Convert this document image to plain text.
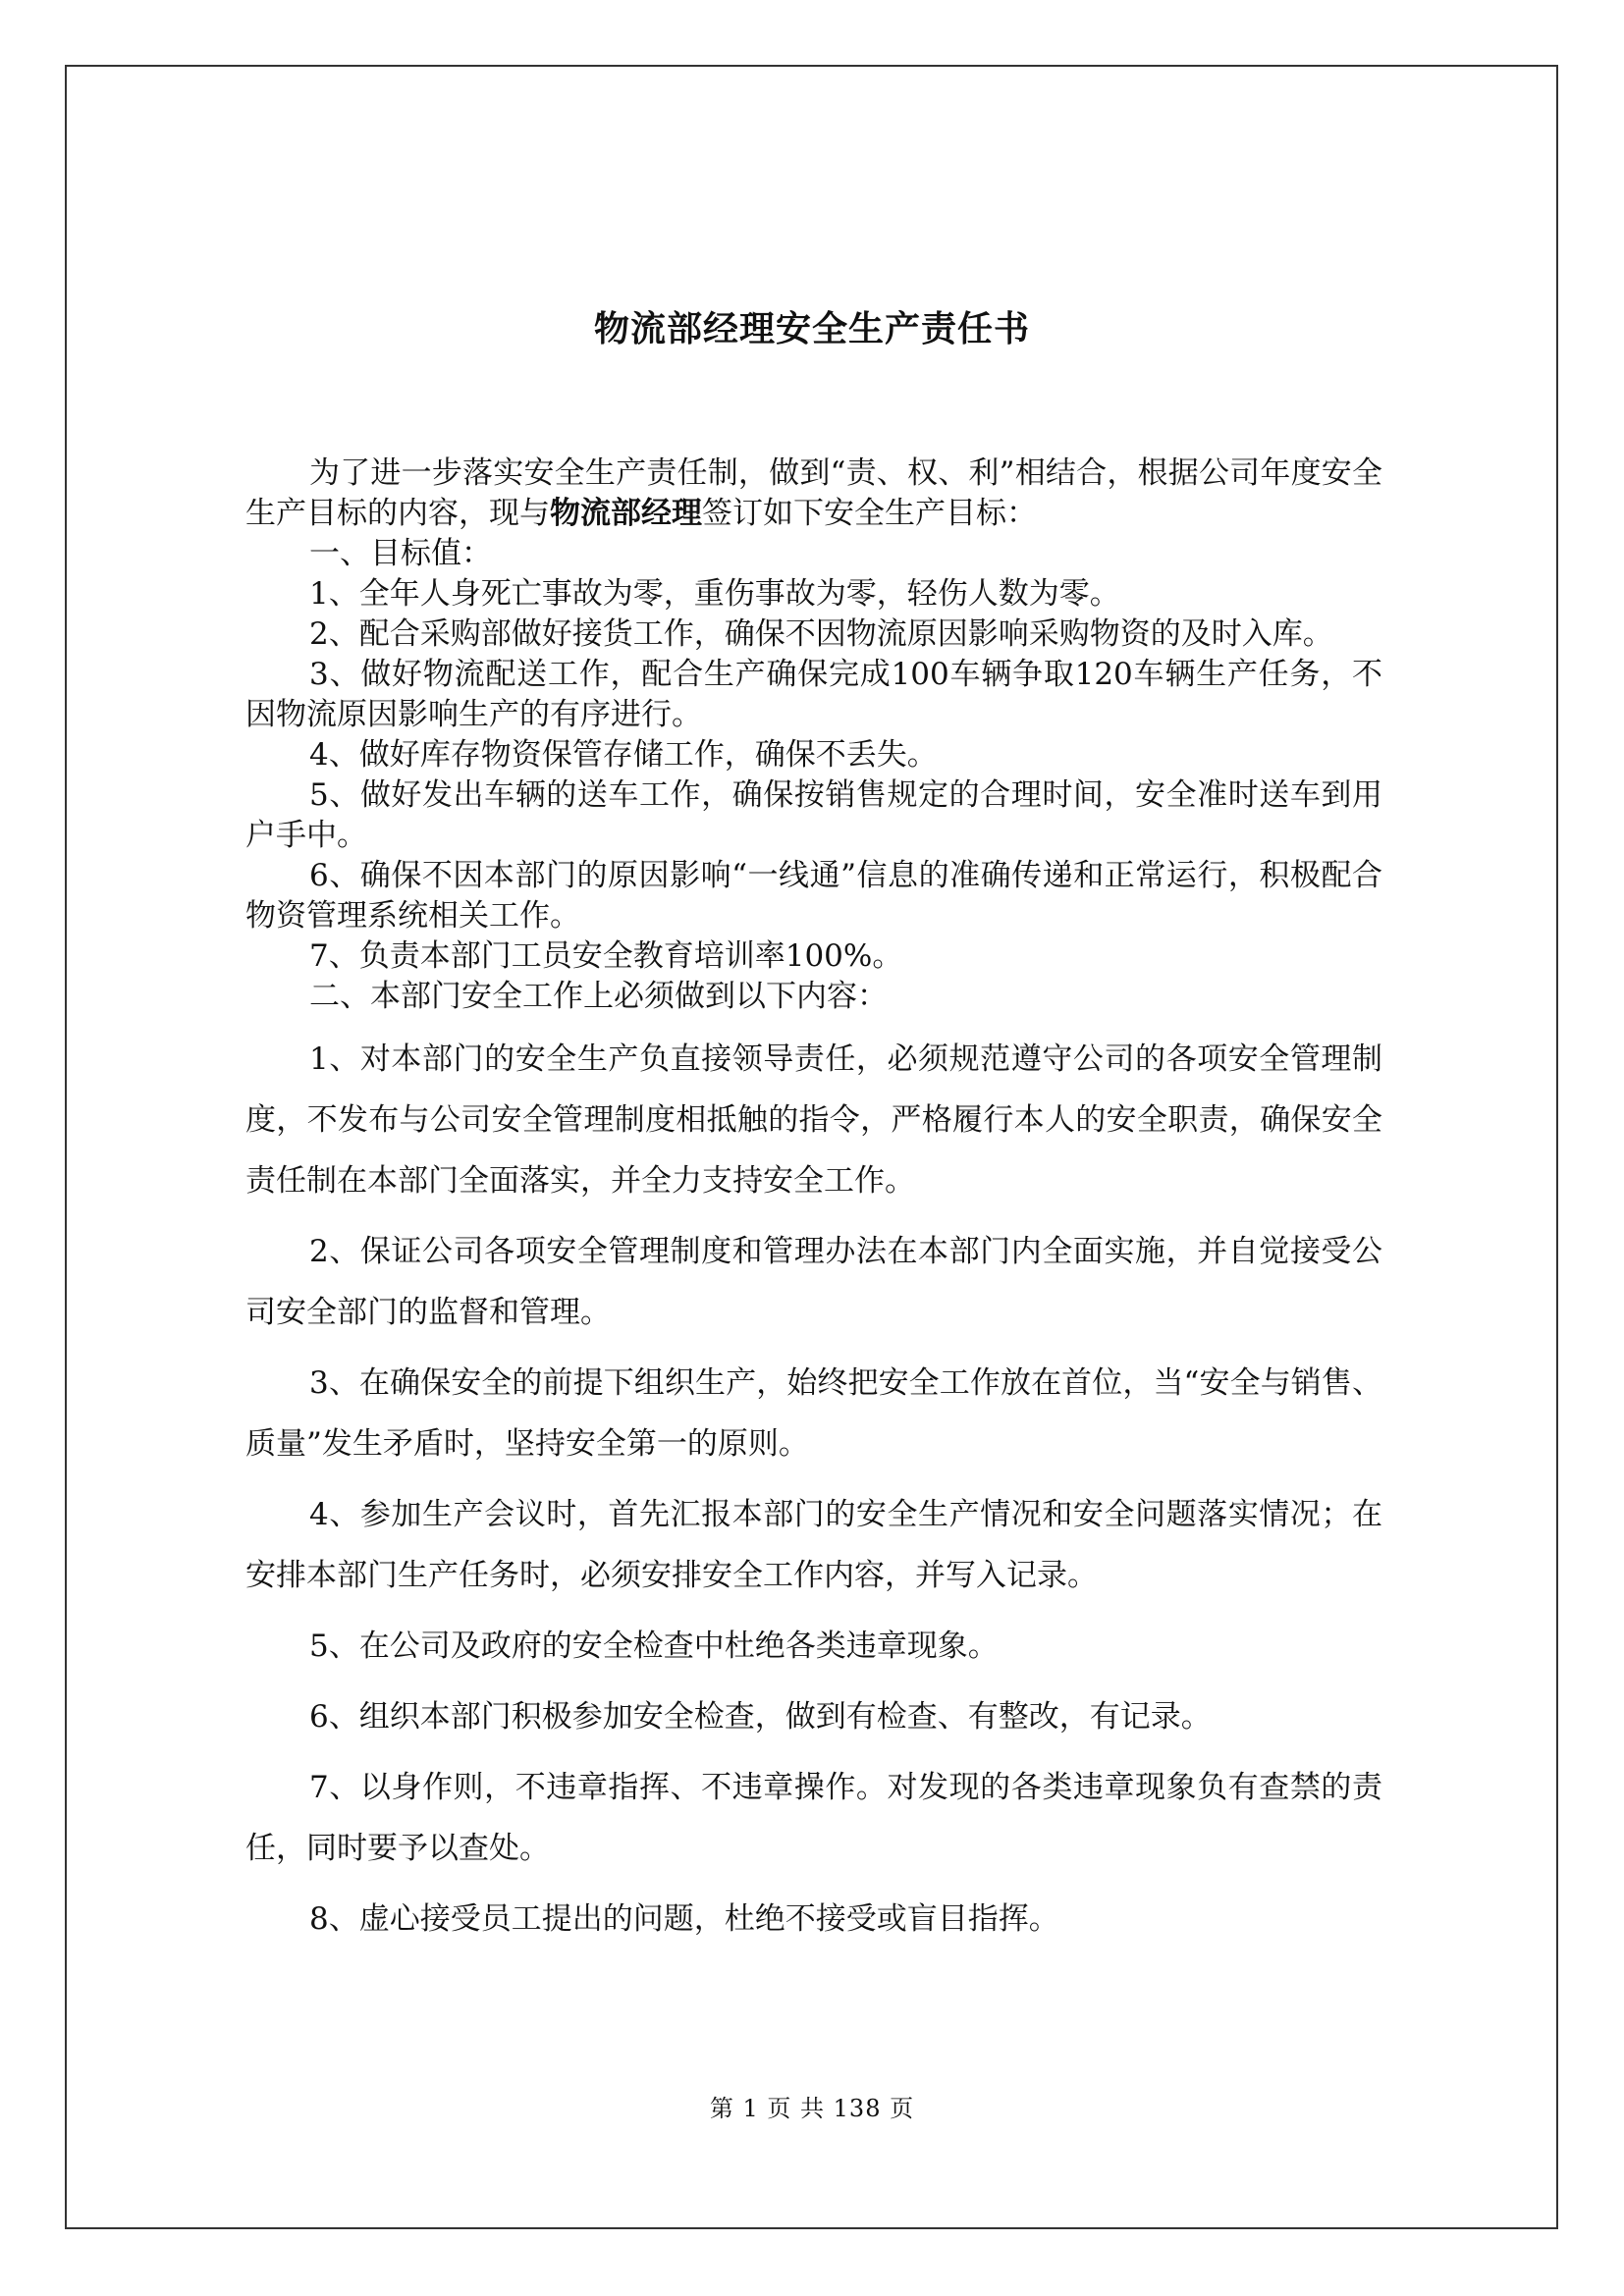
物流部经理安全生产责任书

为了进一步落实安全生产责任制，做到“责、权、利”相结合，根据公司年度安全生产目标的内容，现与物流部经理签订如下安全生产目标：

一、目标值：

1、全年人身死亡事故为零，重伤事故为零，轻伤人数为零。

2、配合采购部做好接货工作，确保不因物流原因影响采购物资的及时入库。

3、做好物流配送工作，配合生产确保完成100车辆争取120车辆生产任务，不因物流原因影响生产的有序进行。

4、做好库存物资保管存储工作，确保不丢失。

5、做好发出车辆的送车工作，确保按销售规定的合理时间，安全准时送车到用户手中。

6、确保不因本部门的原因影响“一线通”信息的准确传递和正常运行，积极配合物资管理系统相关工作。

7、负责本部门工员安全教育培训率100%。

二、本部门安全工作上必须做到以下内容：

1、对本部门的安全生产负直接领导责任，必须规范遵守公司的各项安全管理制度，不发布与公司安全管理制度相抵触的指令，严格履行本人的安全职责，确保安全责任制在本部门全面落实，并全力支持安全工作。

2、保证公司各项安全管理制度和管理办法在本部门内全面实施，并自觉接受公司安全部门的监督和管理。

3、在确保安全的前提下组织生产，始终把安全工作放在首位，当“安全与销售、质量”发生矛盾时，坚持安全第一的原则。

4、参加生产会议时，首先汇报本部门的安全生产情况和安全问题落实情况；在安排本部门生产任务时，必须安排安全工作内容，并写入记录。

5、在公司及政府的安全检查中杜绝各类违章现象。

6、组织本部门积极参加安全检查，做到有检查、有整改，有记录。

7、以身作则，不违章指挥、不违章操作。对发现的各类违章现象负有查禁的责任，同时要予以查处。

8、虚心接受员工提出的问题，杜绝不接受或盲目指挥。

第 1 页 共 138 页
